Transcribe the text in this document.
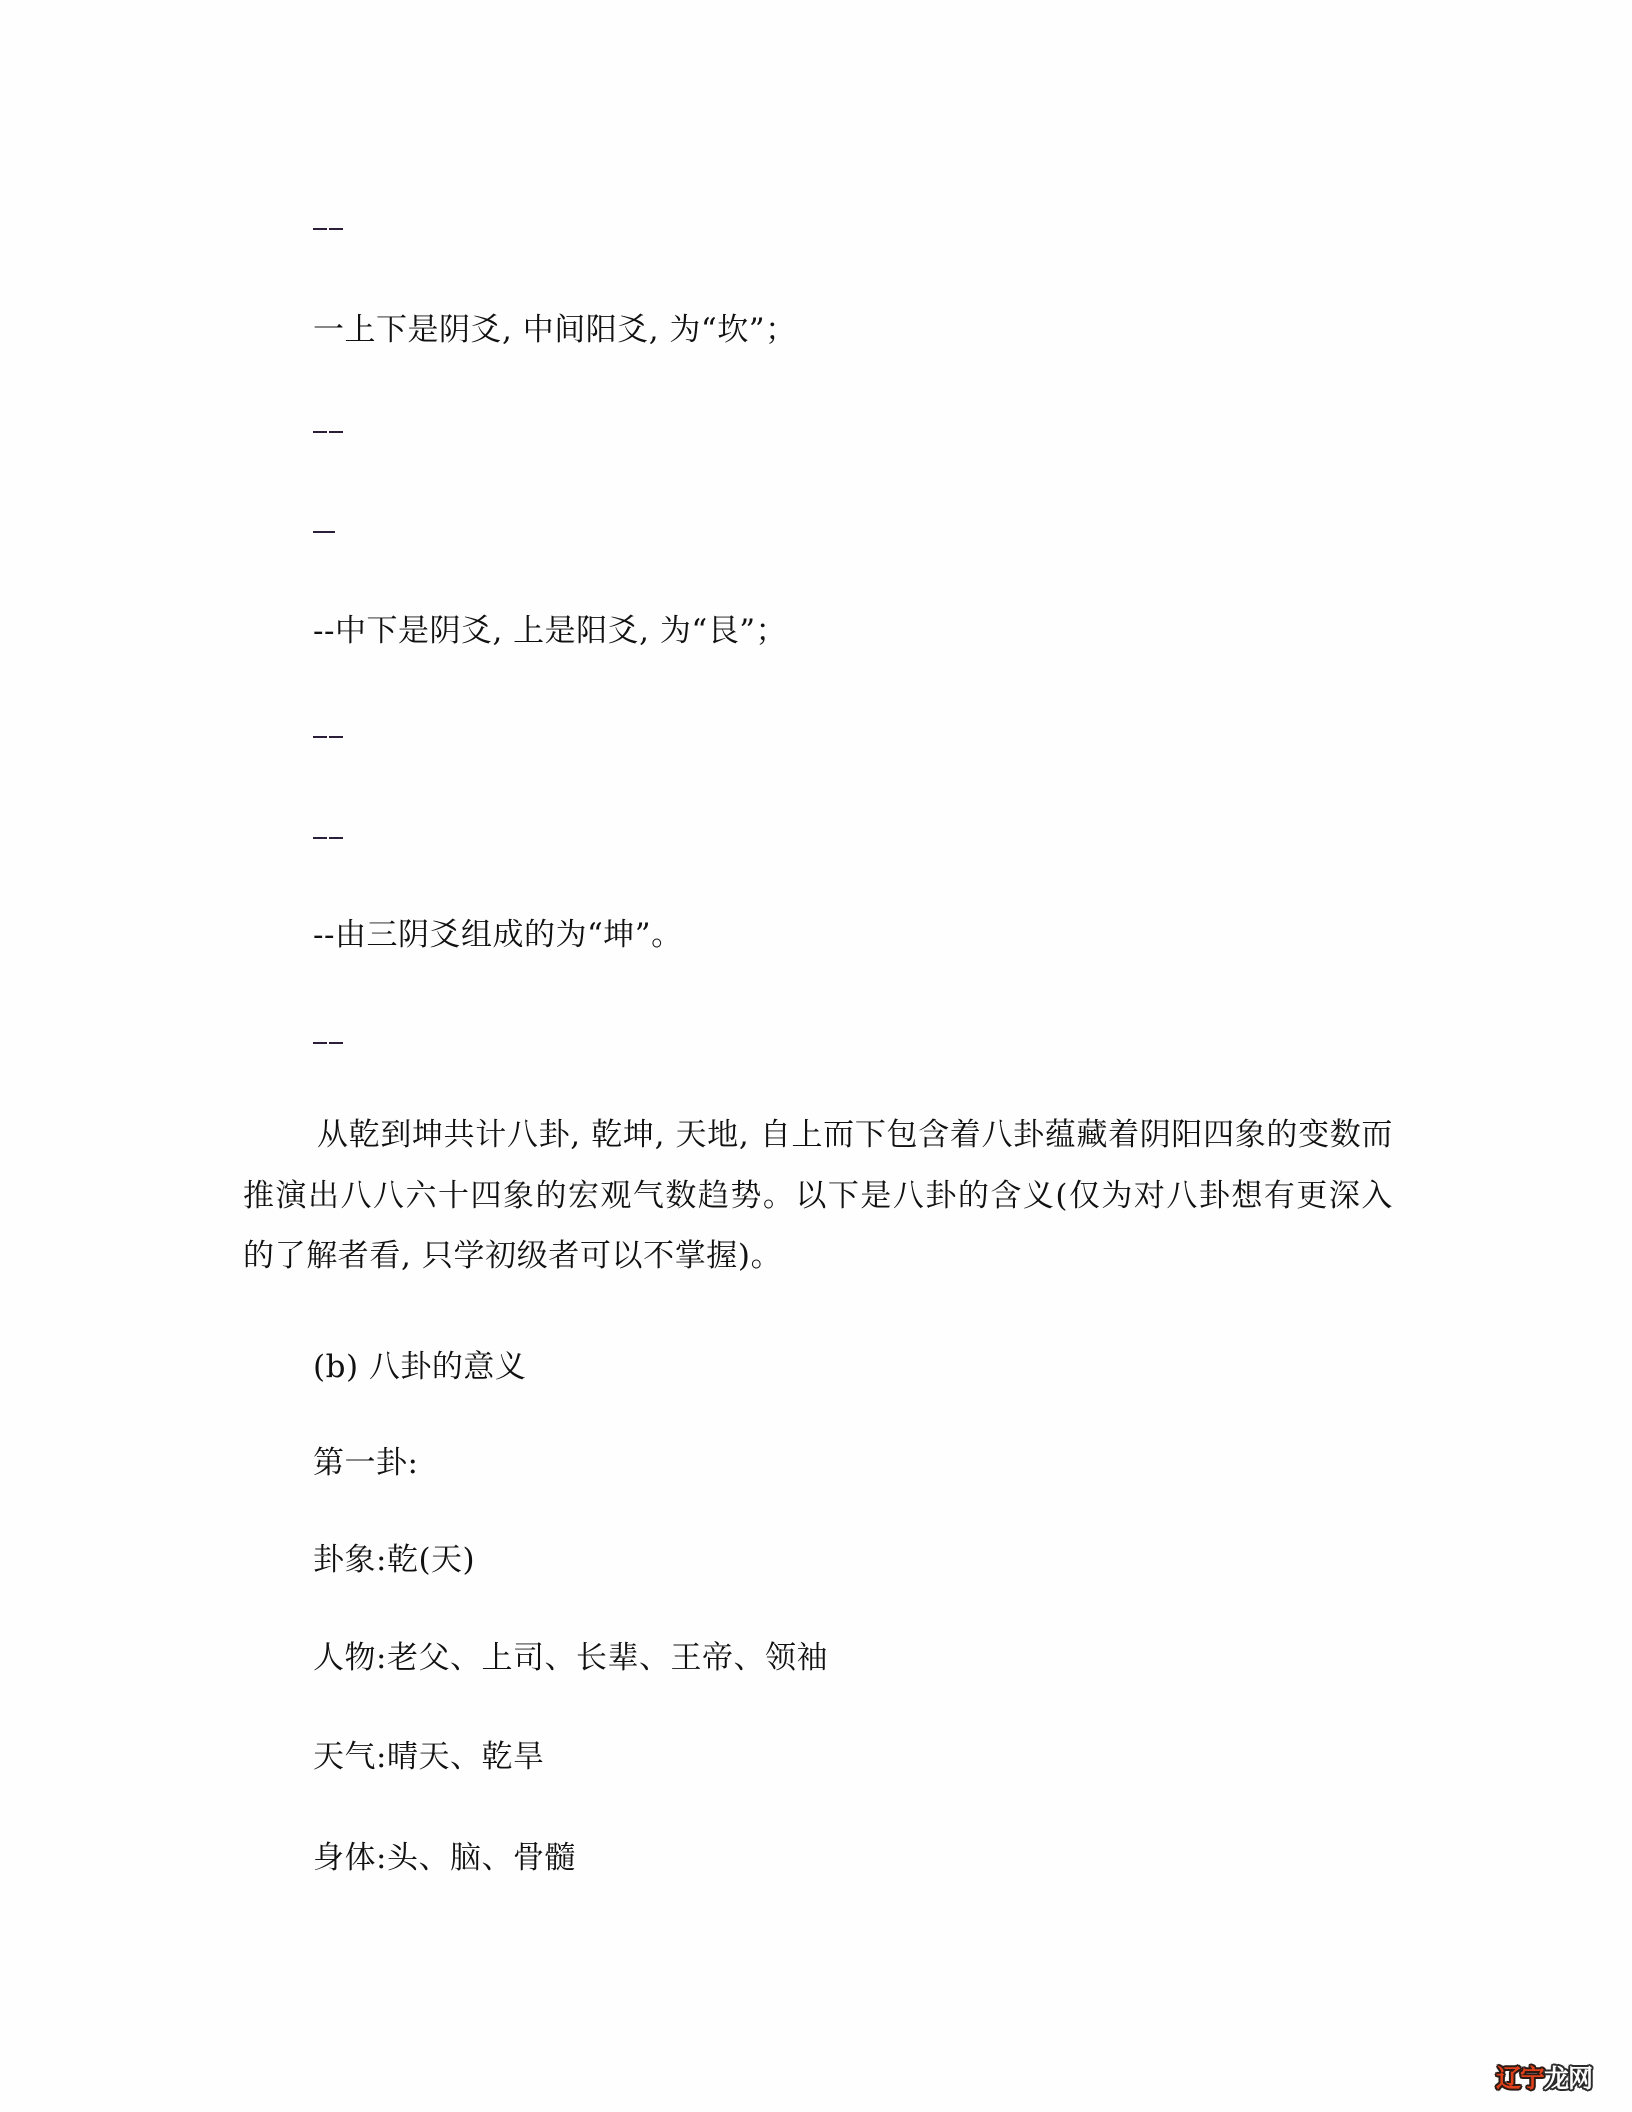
一上下是阴爻, 中间阳爻, 为“坎”；
--中下是阴爻, 上是阳爻, 为“艮”；
--由三阴爻组成的为“坤”。

从乾到坤共计八卦, 乾坤, 天地, 自上而下包含着八卦蕴藏着阴阳四象的变数而推演出八八六十四象的宏观气数趋势。以下是八卦的含义(仅为对八卦想有更深入的了解者看, 只学初级者可以不掌握)。

(b) 八卦的意义
第一卦:
卦象:乾(天)
人物:老父、上司、长辈、王帝、领袖
天气:晴天、乾旱
身体:头、脑、骨髓
辽宁龙网
